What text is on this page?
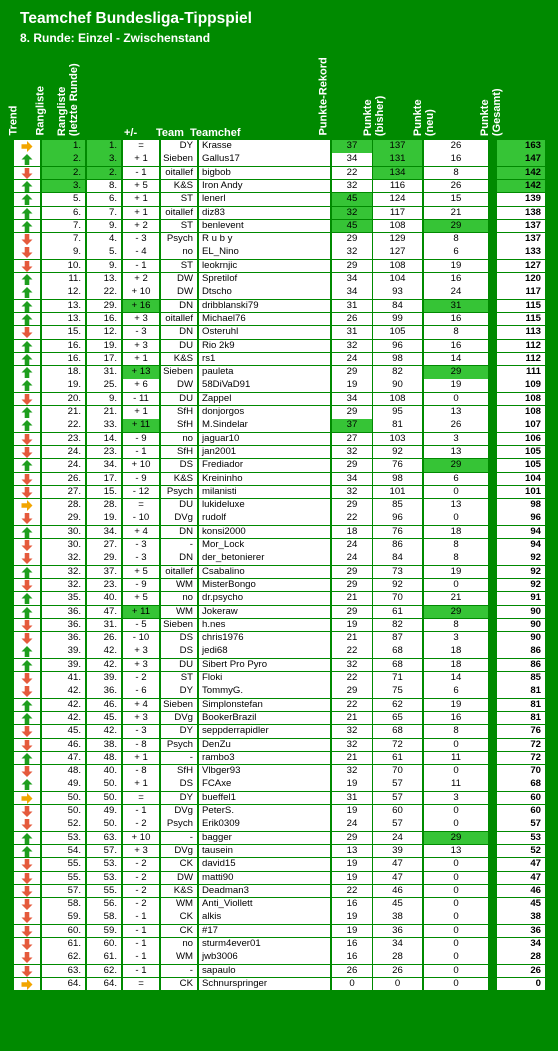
Teamchef Bundesliga-Tippspiel
8. Runde: Einzel - Zwischenstand
Trend Rangliste Rangliste
(letzte Runde)	+/- Team Teamchef	Punkte-Rekord	Punkte
(bisher) Punkte
(neu)	Punkte
(Gesamt)
1.	1.	=	DY Krasse	37	137	26	163
2.	3.	+ 1	Sieben Gallus17	34	131	16	147
2.	2.	- 1	oitallef bigbob	22	134	8	142
3.	8.	+ 5	K&S Iron Andy	32	116	26	142
5.	6.	+ 1	ST lenerl	45	124	15	139
6.	7.	+ 1	oitallef diz83	32	117	21	138
7.	9.	+ 2	ST benlevent	45	108	29	137
7.	4.	- 3	Psych R u b y	29	129	8	137
9.	5.	- 4	no EL_Nino	32	127	6	133
10.	9.	- 1	ST leokrnjic	29	108	19	127
11.	13.	+ 2	DW Spretilof	34	104	16	120
12.	22.	+ 10	DW Dtscho	34	93	24	117
13.	29.	+ 16	DN dribblanski79	31	84	31	115
13.	16.	+ 3	oitallef Michael76	26	99	16	115
15.	12.	- 3	DN Osteruhl	31	105	8	113
16.	19.	+ 3	DU Rio 2k9	32	96	16	112
16.	17.	+ 1	K&S rs1	24	98	14	112
18.	31.	+ 13	Sieben pauleta	29	82	29	111
19.	25.	+ 6	DW 58DiVaD91	19	90	19	109
20.	9.	- 11	DU Zappel	34	108	0	108
21.	21.	+ 1	SfH donjorgos	29	95	13	108
22.	33.	+ 11	SfH M.Sindelar	37	81	26	107
23.	14.	- 9	no jaguar10	27	103	3	106
24.	23.	- 1	SfH jan2001	32	92	13	105
24.	34.	+ 10	DS Frediador	29	76	29	105
26.	17.	- 9	K&S Kreininho	34	98	6	104
27.	15.	- 12	Psych milanisti	32	101	0	101
28.	28.	=	DU lukideluxe	29	85	13	98
29.	19.	- 10	DVg rudolf	22	96	0	96
30.	34.	+ 4	DN konsi2000	18	76	18	94
30.	27.	- 3	- Mor_Lock	24	86	8	94
32.	29.	- 3	DN der_betonierer	24	84	8	92
32.	37.	+ 5	oitallef Csabalino	29	73	19	92
32.	23.	- 9	WM MisterBongo	29	92	0	92
35.	40.	+ 5	no dr.psycho	21	70	21	91
36.	47.	+ 11	WM Jokeraw	29	61	29	90
36.	31.	- 5	Sieben h.nes	19	82	8	90
36.	26.	- 10	DS chris1976	21	87	3	90
39.	42.	+ 3	DS jedi68	22	68	18	86
39.	42.	+ 3	DU Sibert Pro Pyro	32	68	18	86
41.	39.	- 2	ST Floki	22	71	14	85
42.	36.	- 6	DY TommyG.	29	75	6	81
42.	46.	+ 4	Sieben Simplonstefan	22	62	19	81
42.	45.	+ 3	DVg BookerBrazil	21	65	16	81
45.	42.	- 3	DY seppderrapidler	32	68	8	76
46.	38.	- 8	Psych DenZu	32	72	0	72
47.	48.	+ 1	- rambo3	21	61	11	72
48.	40.	- 8	SfH Vlbger93	32	70	0	70
49.	50.	+ 1	DS FCAxe	19	57	11	68
50.	50.	=	DY bueffel1	31	57	3	60
50.	49.	- 1	DVg PeterS.	19	60	0	60
52.	50.	- 2	Psych Erik0309	24	57	0	57
53.	63.	+ 10	- bagger	29	24	29	53
54.	57.	+ 3	DVg tausein	13	39	13	52
55.	53.	- 2	CK david15	19	47	0	47
55.	53.	- 2	DW matti90	19	47	0	47
57.	55.	- 2	K&S Deadman3	22	46	0	46
58.	56.	- 2	WM Anti_Viollett	16	45	0	45
59.	58.	- 1	CK alkis	19	38	0	38
60.	59.	- 1	CK #17	19	36	0	36
61.	60.	- 1	no sturm4ever01	16	34	0	34
62.	61.	- 1	WM jwb3006	16	28	0	28
63.	62.	- 1	- sapaulo	26	26	0	26
64.	64.	=	CK Schnurspringer	0	0	0	0
